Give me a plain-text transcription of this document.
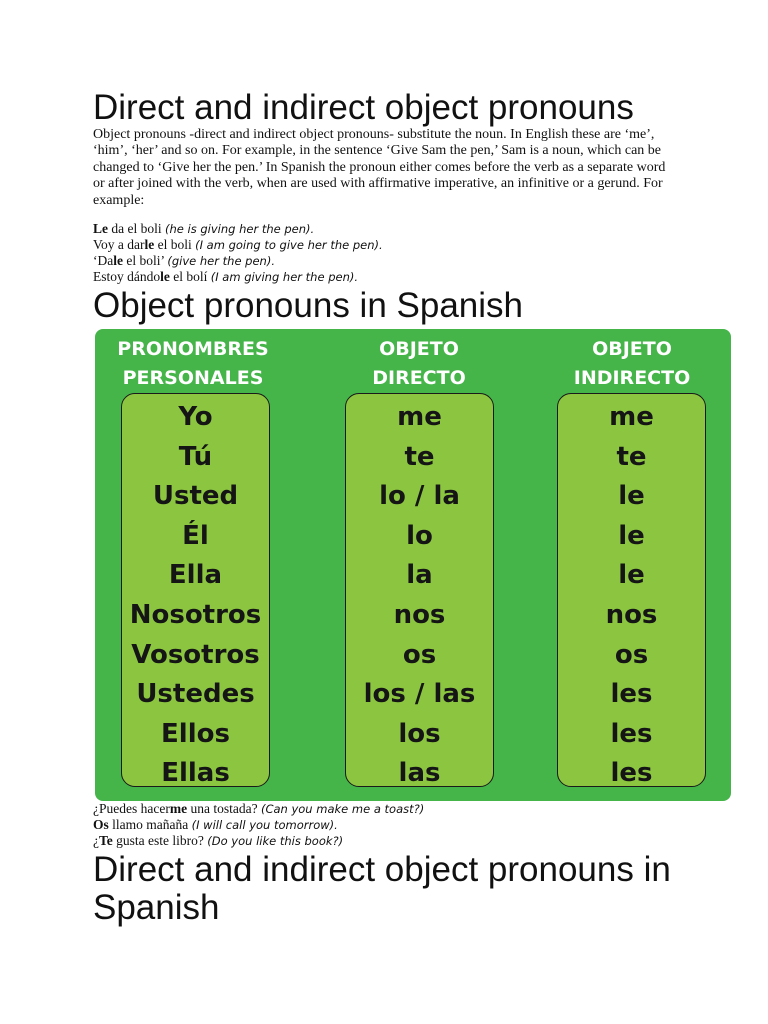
Direct and indirect object pronouns

Object pronouns -direct and indirect object pronouns- substitute the noun. In English these are ‘me’, ‘him’, ‘her’ and so on. For example, in the sentence ‘Give Sam the pen,’ Sam is a noun, which can be changed to ‘Give her the pen.’ In Spanish the pronoun either comes before the verb as a separate word or after joined with the verb, when are used with affirmative imperative, an infinitive or a gerund. For example:

Le da el boli (he is giving her the pen).
Voy a darle el boli (I am going to give her the pen).
‘Dale el boli’ (give her the pen).
Estoy dándole el bolí (I am giving her the pen).
Object pronouns in Spanish
PRONOMBRES
PERSONALES
Yo
Tú
Usted
Él
Ella
Nosotros
Vosotros
Ustedes
Ellos
Ellas
OBJETO
DIRECTO
me
te
lo / la
lo
la
nos
os
los / las
los
las
OBJETO
INDIRECTO
me
te
le
le
le
nos
os
les
les
les
¿Puedes hacerme una tostada? (Can you make me a toast?)
Os llamo mañaña (I will call you tomorrow).
¿Te gusta este libro? (Do you like this book?)
Direct and indirect object pronouns in Spanish
